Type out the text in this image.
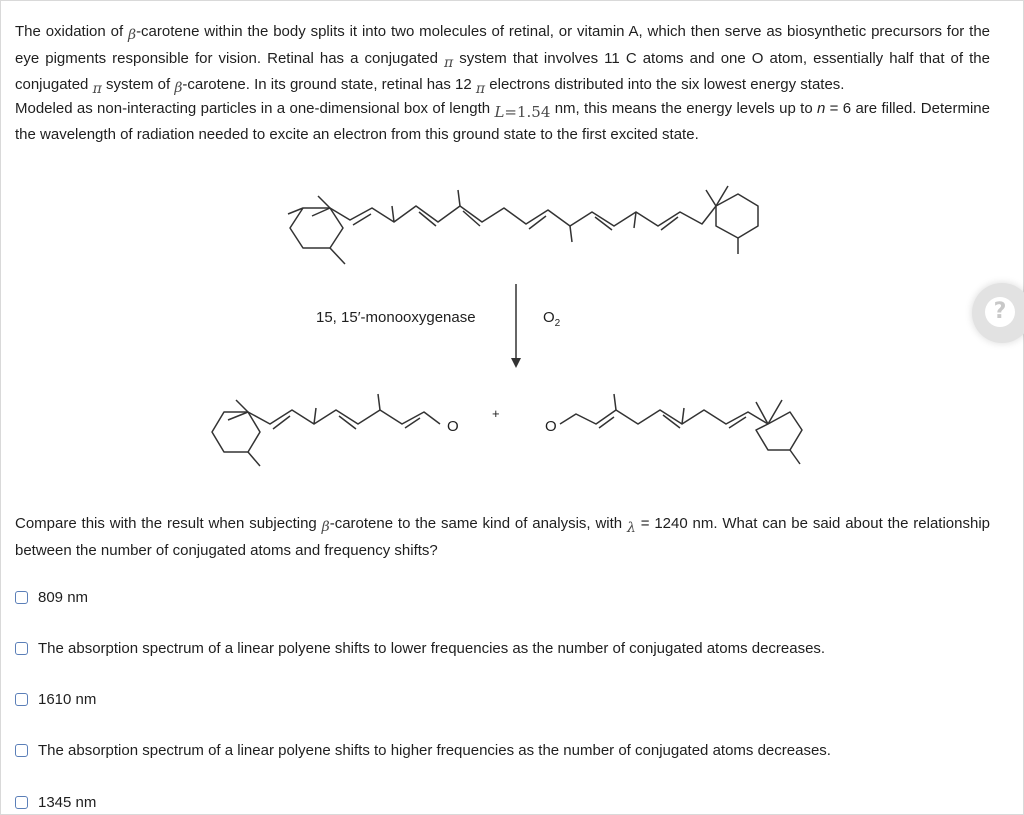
The oxidation of β-carotene within the body splits it into two molecules of retinal, or vitamin A, which then serve as biosynthetic precursors for the eye pigments responsible for vision. Retinal has a conjugated π system that involves 11 C atoms and one O atom, essentially half that of the conjugated π system of β-carotene. In its ground state, retinal has 12 π electrons distributed into the six lowest energy states.
Modeled as non-interacting particles in a one-dimensional box of length L=1.54 nm, this means the energy levels up to n = 6 are filled. Determine the wavelength of radiation needed to excite an electron from this ground state to the first excited state.
15, 15′-monooxygenase	$O_2$
O
+
O
?
Compare this with the result when subjecting β-carotene to the same kind of analysis, with λ = 1240 nm. What can be said about the relationship between the number of conjugated atoms and frequency shifts?
809 nm
The absorption spectrum of a linear polyene shifts to lower frequencies as the number of conjugated atoms decreases.
1610 nm
The absorption spectrum of a linear polyene shifts to higher frequencies as the number of conjugated atoms decreases.
1345 nm
